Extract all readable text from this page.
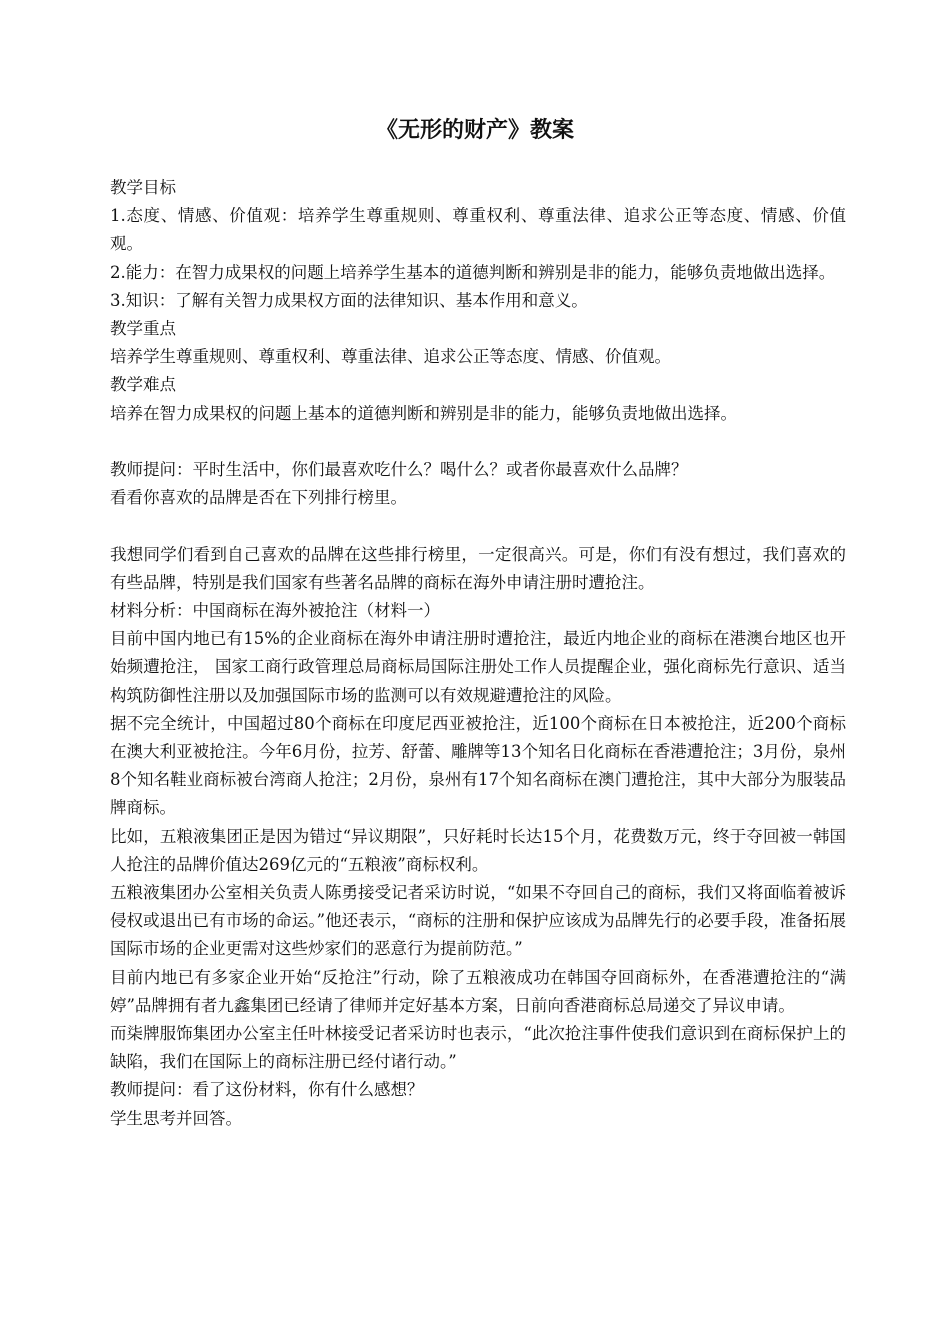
《无形的财产》教案

教学目标

1.态度、情感、价值观：培养学生尊重规则、尊重权利、尊重法律、追求公正等态度、情感、价值观。

2.能力：在智力成果权的问题上培养学生基本的道德判断和辨别是非的能力，能够负责地做出选择。

3.知识：了解有关智力成果权方面的法律知识、基本作用和意义。

教学重点

培养学生尊重规则、尊重权利、尊重法律、追求公正等态度、情感、价值观。

教学难点

培养在智力成果权的问题上基本的道德判断和辨别是非的能力，能够负责地做出选择。

教师提问：平时生活中，你们最喜欢吃什么？喝什么？或者你最喜欢什么品牌？

看看你喜欢的品牌是否在下列排行榜里。

我想同学们看到自己喜欢的品牌在这些排行榜里，一定很高兴。可是，你们有没有想过，我们喜欢的有些品牌，特别是我们国家有些著名品牌的商标在海外申请注册时遭抢注。

材料分析：中国商标在海外被抢注（材料一）

目前中国内地已有15%的企业商标在海外申请注册时遭抢注，最近内地企业的商标在港澳台地区也开始频遭抢注， 国家工商行政管理总局商标局国际注册处工作人员提醒企业，强化商标先行意识、适当构筑防御性注册以及加强国际市场的监测可以有效规避遭抢注的风险。

据不完全统计，中国超过80个商标在印度尼西亚被抢注，近100个商标在日本被抢注，近200个商标在澳大利亚被抢注。今年6月份，拉芳、舒蕾、雕牌等13个知名日化商标在香港遭抢注；3月份，泉州8个知名鞋业商标被台湾商人抢注；2月份，泉州有17个知名商标在澳门遭抢注，其中大部分为服装品牌商标。

比如，五粮液集团正是因为错过“异议期限”，只好耗时长达15个月，花费数万元，终于夺回被一韩国人抢注的品牌价值达269亿元的“五粮液”商标权利。

五粮液集团办公室相关负责人陈勇接受记者采访时说，“如果不夺回自己的商标，我们又将面临着被诉侵权或退出已有市场的命运。”他还表示，“商标的注册和保护应该成为品牌先行的必要手段，准备拓展国际市场的企业更需对这些炒家们的恶意行为提前防范。”

目前内地已有多家企业开始“反抢注”行动，除了五粮液成功在韩国夺回商标外，在香港遭抢注的“满婷”品牌拥有者九鑫集团已经请了律师并定好基本方案，日前向香港商标总局递交了异议申请。

而柒牌服饰集团办公室主任叶林接受记者采访时也表示，“此次抢注事件使我们意识到在商标保护上的缺陷，我们在国际上的商标注册已经付诸行动。”

教师提问：看了这份材料，你有什么感想？

学生思考并回答。
